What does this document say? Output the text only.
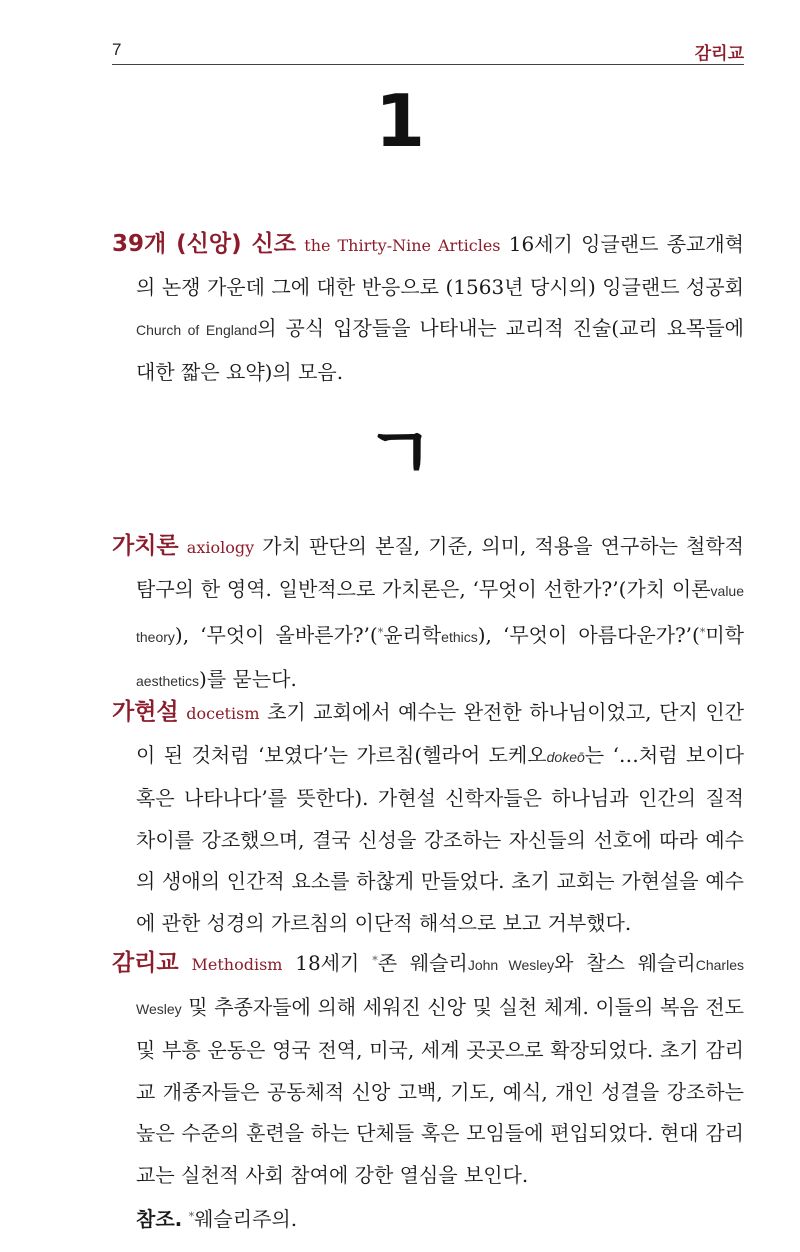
7	감리교
1
39개 (신앙) 신조 the Thirty-Nine Articles 16세기 잉글랜드 종교개혁의 논쟁 가운데 그에 대한 반응으로 (1563년 당시의) 잉글랜드 성공회Church of England의 공식 입장들을 나타내는 교리적 진술(교리 요목들에 대한 짧은 요약)의 모음.
ㄱ
가치론 axiology 가치 판단의 본질, 기준, 의미, 적용을 연구하는 철학적 탐구의 한 영역. 일반적으로 가치론은, ‘무엇이 선한가?’(가치 이론value theory), ‘무엇이 올바른가?’(*윤리학ethics), ‘무엇이 아름다운가?’(*미학aesthetics)를 묻는다.
가현설 docetism 초기 교회에서 예수는 완전한 하나님이었고, 단지 인간이 된 것처럼 ‘보였다’는 가르침(헬라어 도케오dokeō는 ‘…처럼 보이다 혹은 나타나다’를 뜻한다). 가현설 신학자들은 하나님과 인간의 질적 차이를 강조했으며, 결국 신성을 강조하는 자신들의 선호에 따라 예수의 생애의 인간적 요소를 하찮게 만들었다. 초기 교회는 가현설을 예수에 관한 성경의 가르침의 이단적 해석으로 보고 거부했다.
감리교 Methodism 18세기 *존 웨슬리John Wesley와 찰스 웨슬리Charles Wesley 및 추종자들에 의해 세워진 신앙 및 실천 체계. 이들의 복음 전도 및 부흥 운동은 영국 전역, 미국, 세계 곳곳으로 확장되었다. 초기 감리교 개종자들은 공동체적 신앙 고백, 기도, 예식, 개인 성결을 강조하는 높은 수준의 훈련을 하는 단체들 혹은 모임들에 편입되었다. 현대 감리교는 실천적 사회 참여에 강한 열심을 보인다.
참조. *웨슬리주의.
